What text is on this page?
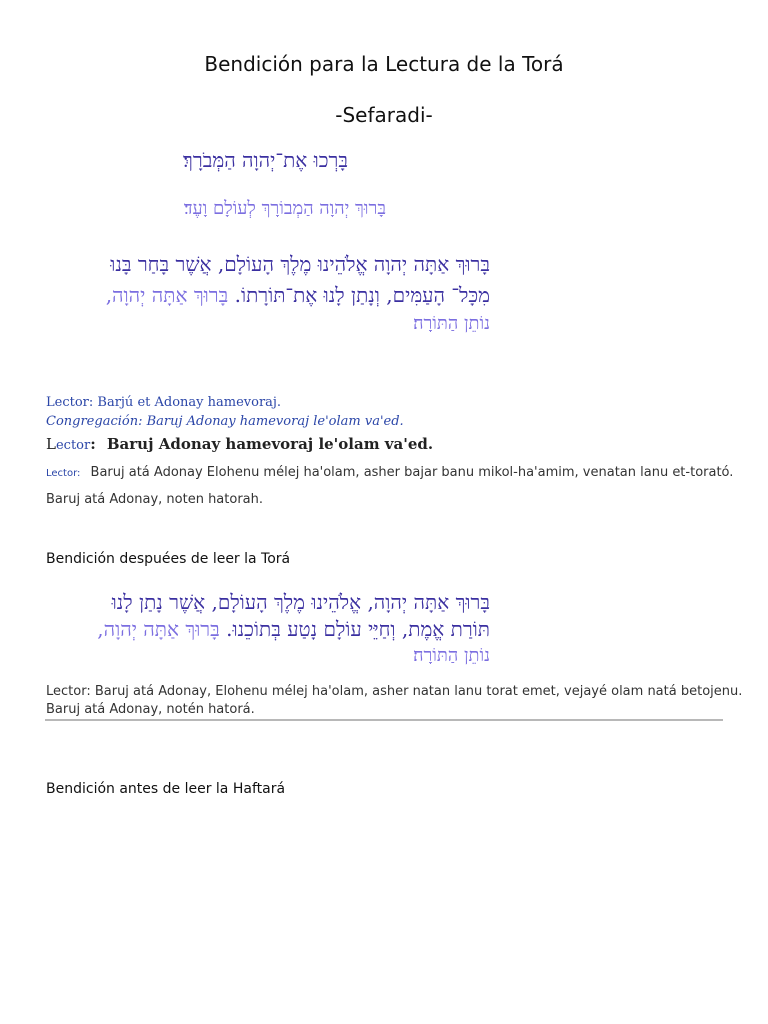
Bendición para la Lectura de la Torá
-Sefaradi-
בָּרְכוּ אֶת־יְהוָה הַמְּבֹרָךְ׃
בָּרוּךְ יְהוָה הַמְבוֹרָךְ לְעוֹלָם וָעֶד׃
בָּרוּךְ אַתָּה יְהוָה אֱלֹהֵינוּ מֶלֶךְ הָעוֹלָם, אֲשֶׁר בָּחַר בָּנוּ
מִכָּל־ הָעַמִּים, וְנָתַן לָנוּ אֶת־תּוֹרָתוֹ. בָּרוּךְ אַתָּה יְהוָה,
נוֹתֵן הַתּוֹרָה׃
Lector: Barjú et Adonay hamevoraj.
Congregación: Baruj Adonay hamevoraj le'olam va'ed.
Lector: Baruj Adonay hamevoraj le'olam va'ed.
Lector: Baruj atá Adonay Elohenu mélej ha'olam, asher bajar banu mikol-ha'amim, venatan lanu et-torató.
Baruj atá Adonay, noten hatorah.
Bendición despuées de leer la Torá
בָּרוּךְ אַתָּה יְהוָה, אֱלֹהֵינוּ מֶלֶךְ הָעוֹלָם, אֲשֶׁר נָתַן לָנוּ
תּוֹרַת אֱמֶת, וְחַיֵּי עוֹלָם נָטַע בְּתוֹכֵנוּ. בָּרוּךְ אַתָּה יְהוָה,
נוֹתֵן הַתּוֹרָה׃
Lector: Baruj atá Adonay, Elohenu mélej ha'olam, asher natan lanu torat emet, vejayé olam natá betojenu.
Baruj atá Adonay, notén hatorá.
Bendición antes de leer la Haftará
